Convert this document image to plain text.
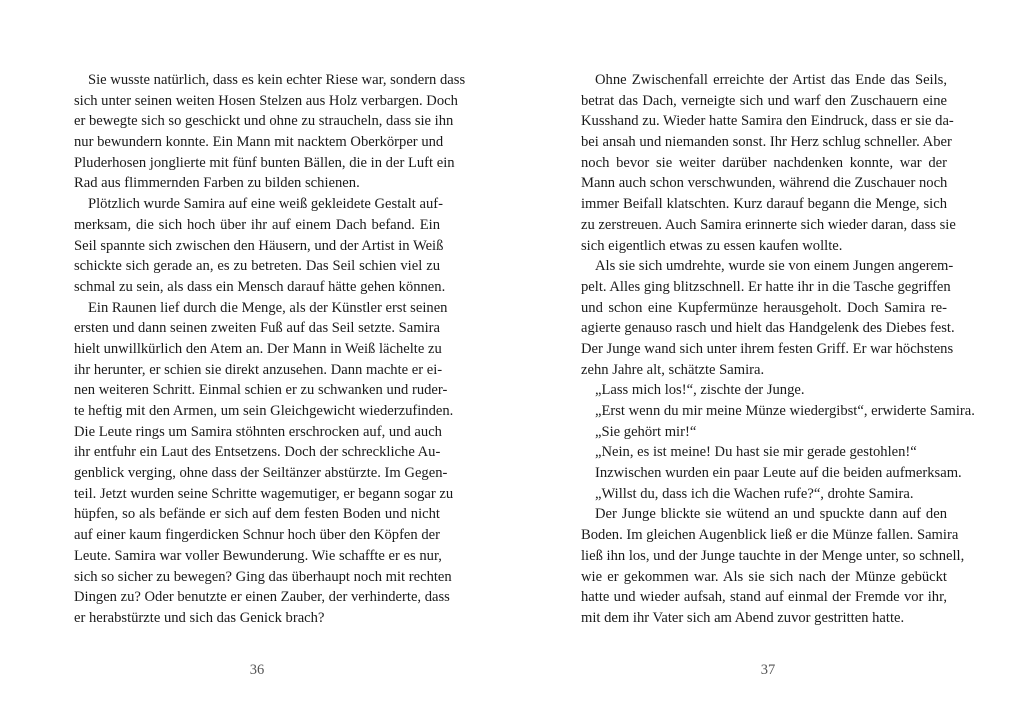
Sie wusste natürlich, dass es kein echter Riese war, sondern dass
sich unter seinen weiten Hosen Stelzen aus Holz verbargen. Doch
er bewegte sich so geschickt und ohne zu straucheln, dass sie ihn
nur bewundern konnte. Ein Mann mit nacktem Oberkörper und
Pluderhosen jonglierte mit fünf bunten Bällen, die in der Luft ein
Rad aus flimmernden Farben zu bilden schienen.
Plötzlich wurde Samira auf eine weiß gekleidete Gestalt auf-
merksam, die sich hoch über ihr auf einem Dach befand. Ein
Seil spannte sich zwischen den Häusern, und der Artist in Weiß
schickte sich gerade an, es zu betreten. Das Seil schien viel zu
schmal zu sein, als dass ein Mensch darauf hätte gehen können.
Ein Raunen lief durch die Menge, als der Künstler erst seinen
ersten und dann seinen zweiten Fuß auf das Seil setzte. Samira
hielt unwillkürlich den Atem an. Der Mann in Weiß lächelte zu
ihr herunter, er schien sie direkt anzusehen. Dann machte er ei-
nen weiteren Schritt. Einmal schien er zu schwanken und ruder-
te heftig mit den Armen, um sein Gleichgewicht wiederzufinden.
Die Leute rings um Samira stöhnten erschrocken auf, und auch
ihr entfuhr ein Laut des Entsetzens. Doch der schreckliche Au-
genblick verging, ohne dass der Seiltänzer abstürzte. Im Gegen-
teil. Jetzt wurden seine Schritte wagemutiger, er begann sogar zu
hüpfen, so als befände er sich auf dem festen Boden und nicht
auf einer kaum fingerdicken Schnur hoch über den Köpfen der
Leute. Samira war voller Bewunderung. Wie schaffte er es nur,
sich so sicher zu bewegen? Ging das überhaupt noch mit rechten
Dingen zu? Oder benutzte er einen Zauber, der verhinderte, dass
er herabstürzte und sich das Genick brach?
36
Ohne Zwischenfall erreichte der Artist das Ende das Seils,
betrat das Dach, verneigte sich und warf den Zuschauern eine
Kusshand zu. Wieder hatte Samira den Eindruck, dass er sie da-
bei ansah und niemanden sonst. Ihr Herz schlug schneller. Aber
noch bevor sie weiter darüber nachdenken konnte, war der
Mann auch schon verschwunden, während die Zuschauer noch
immer Beifall klatschten. Kurz darauf begann die Menge, sich
zu zerstreuen. Auch Samira erinnerte sich wieder daran, dass sie
sich eigentlich etwas zu essen kaufen wollte.
Als sie sich umdrehte, wurde sie von einem Jungen angerem-
pelt. Alles ging blitzschnell. Er hatte ihr in die Tasche gegriffen
und schon eine Kupfermünze herausgeholt. Doch Samira re-
agierte genauso rasch und hielt das Handgelenk des Diebes fest.
Der Junge wand sich unter ihrem festen Griff. Er war höchstens
zehn Jahre alt, schätzte Samira.
„Lass mich los!“, zischte der Junge.
„Erst wenn du mir meine Münze wiedergibst“, erwiderte Samira.
„Sie gehört mir!“
„Nein, es ist meine! Du hast sie mir gerade gestohlen!“
Inzwischen wurden ein paar Leute auf die beiden aufmerksam.
„Willst du, dass ich die Wachen rufe?“, drohte Samira.
Der Junge blickte sie wütend an und spuckte dann auf den
Boden. Im gleichen Augenblick ließ er die Münze fallen. Samira
ließ ihn los, und der Junge tauchte in der Menge unter, so schnell,
wie er gekommen war. Als sie sich nach der Münze gebückt
hatte und wieder aufsah, stand auf einmal der Fremde vor ihr,
mit dem ihr Vater sich am Abend zuvor gestritten hatte.
37
